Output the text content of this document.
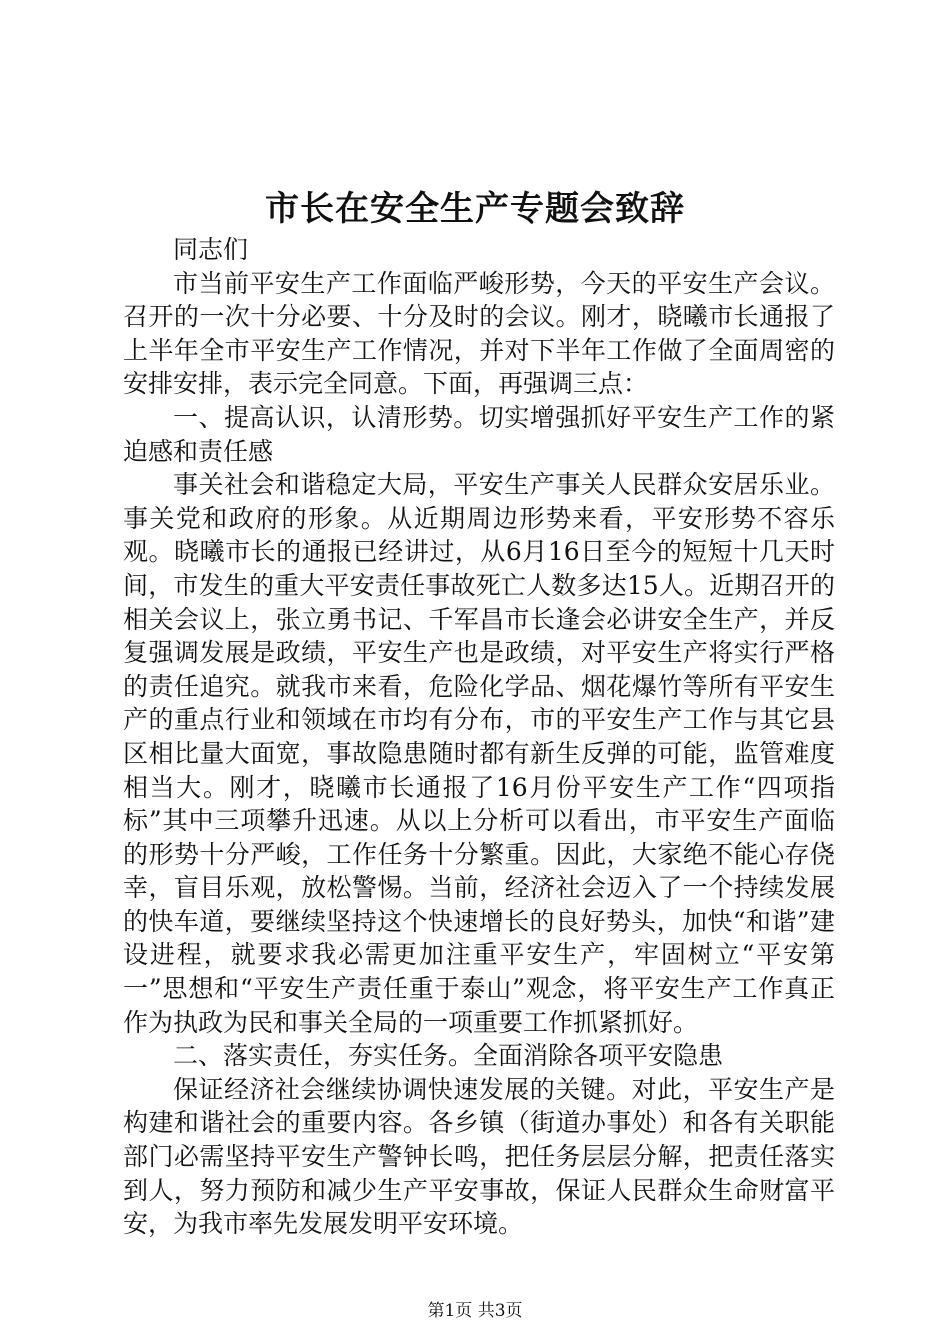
市长在安全生产专题会致辞

同志们

市当前平安生产工作面临严峻形势，今天的平安生产会议。召开的一次十分必要、十分及时的会议。刚才，晓曦市长通报了上半年全市平安生产工作情况，并对下半年工作做了全面周密的安排安排，表示完全同意。下面，再强调三点：

一、提高认识，认清形势。切实增强抓好平安生产工作的紧迫感和责任感

事关社会和谐稳定大局，平安生产事关人民群众安居乐业。事关党和政府的形象。从近期周边形势来看，平安形势不容乐观。晓曦市长的通报已经讲过，从6月16日至今的短短十几天时间，市发生的重大平安责任事故死亡人数多达15人。近期召开的相关会议上，张立勇书记、千军昌市长逢会必讲安全生产，并反复强调发展是政绩，平安生产也是政绩，对平安生产将实行严格的责任追究。就我市来看，危险化学品、烟花爆竹等所有平安生产的重点行业和领域在市均有分布，市的平安生产工作与其它县区相比量大面宽，事故隐患随时都有新生反弹的可能，监管难度相当大。刚才，晓曦市长通报了16月份平安生产工作“四项指标”其中三项攀升迅速。从以上分析可以看出，市平安生产面临的形势十分严峻，工作任务十分繁重。因此，大家绝不能心存侥幸，盲目乐观，放松警惕。当前，经济社会迈入了一个持续发展的快车道，要继续坚持这个快速增长的良好势头，加快“和谐”建设进程，就要求我必需更加注重平安生产，牢固树立“平安第一”思想和“平安生产责任重于泰山”观念，将平安生产工作真正作为执政为民和事关全局的一项重要工作抓紧抓好。

二、落实责任，夯实任务。全面消除各项平安隐患

保证经济社会继续协调快速发展的关键。对此，平安生产是构建和谐社会的重要内容。各乡镇（街道办事处）和各有关职能部门必需坚持平安生产警钟长鸣，把任务层层分解，把责任落实到人，努力预防和减少生产平安事故，保证人民群众生命财富平安，为我市率先发展发明平安环境。

第1页 共3页
